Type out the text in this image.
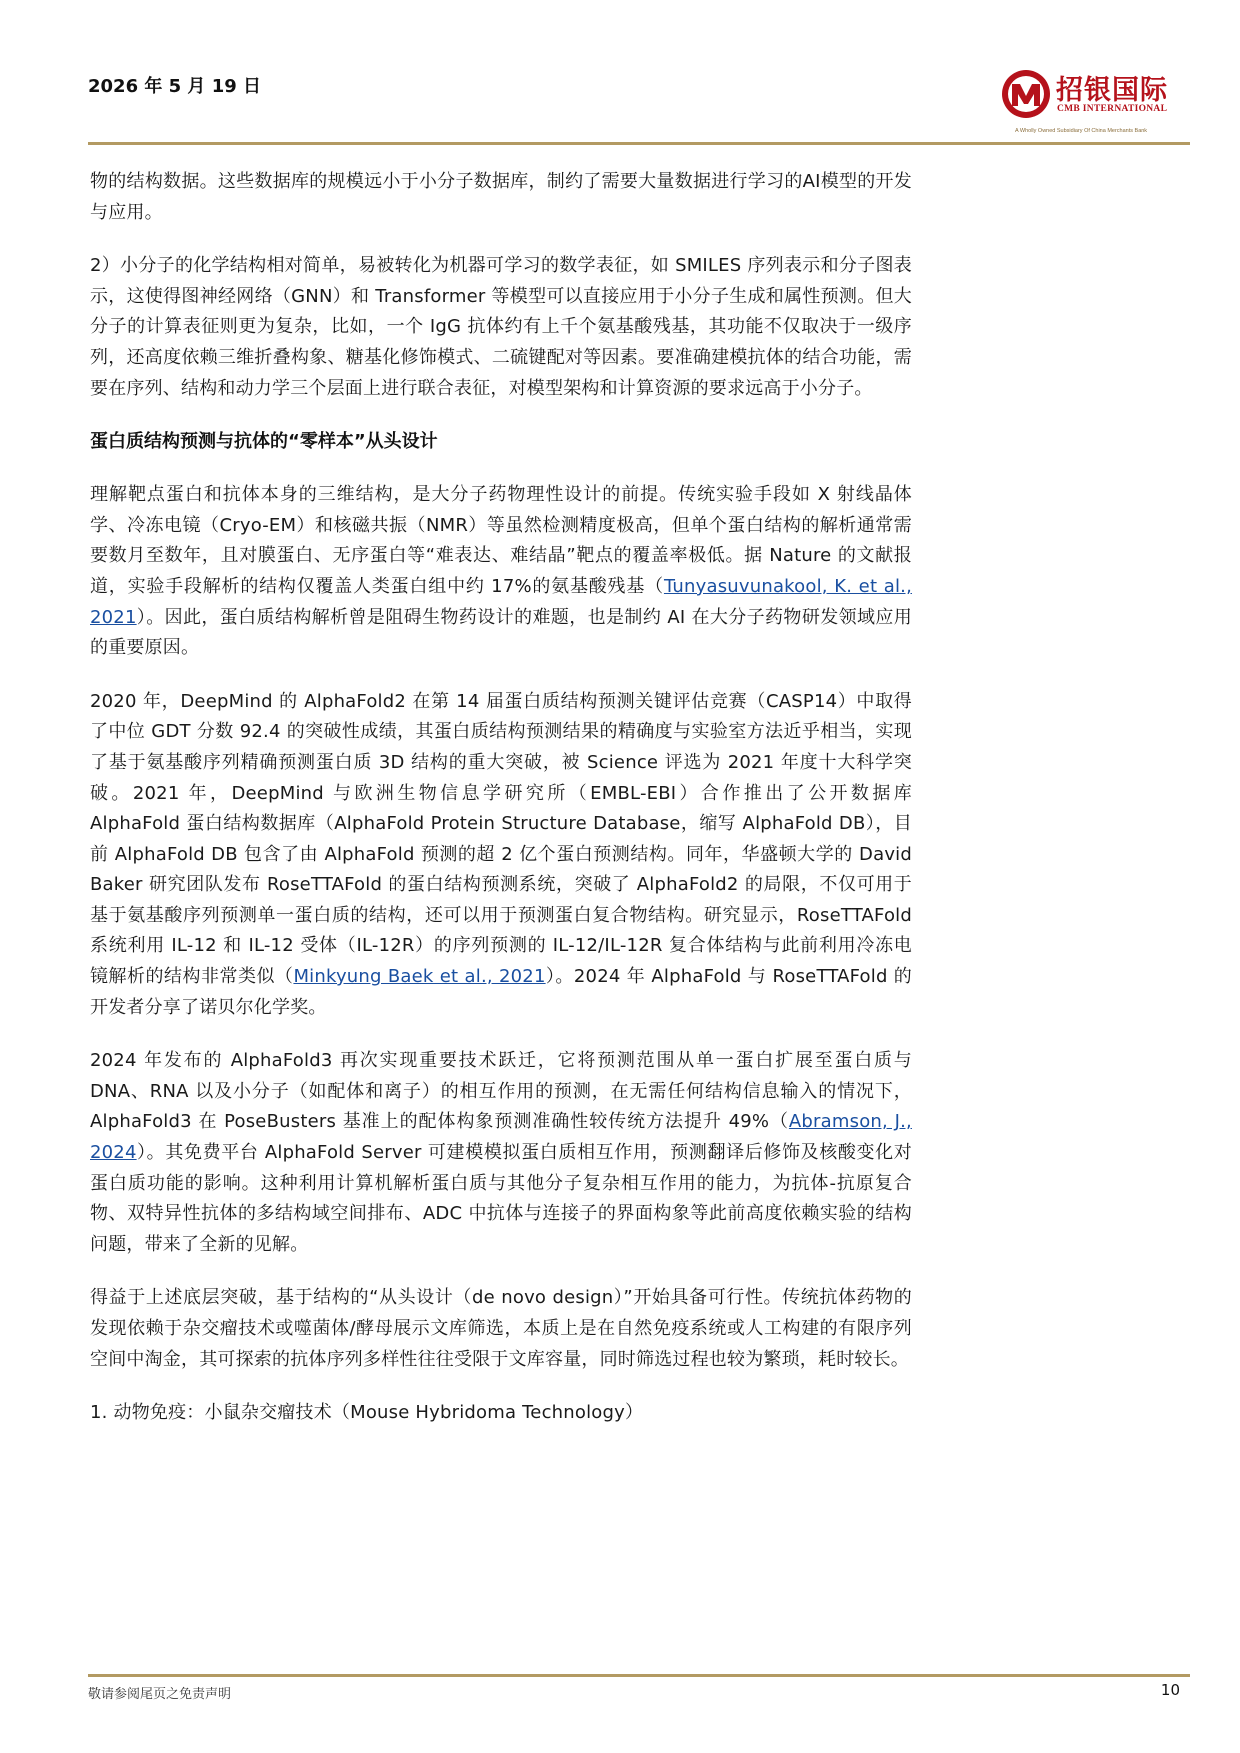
2026 年 5 月 19 日	招银国际
CMB INTERNATIONAL
A Wholly Owned Subsidiary Of China Merchants Bank

物的结构数据。这些数据库的规模远小于小分子数据库，制约了需要大量数据进行学习的AI模型的开发与应用。

2）小分子的化学结构相对简单，易被转化为机器可学习的数学表征，如 SMILES 序列表示和分子图表示，这使得图神经网络（GNN）和 Transformer 等模型可以直接应用于小分子生成和属性预测。但大分子的计算表征则更为复杂，比如，一个 IgG 抗体约有上千个氨基酸残基，其功能不仅取决于一级序列，还高度依赖三维折叠构象、糖基化修饰模式、二硫键配对等因素。要准确建模抗体的结合功能，需要在序列、结构和动力学三个层面上进行联合表征，对模型架构和计算资源的要求远高于小分子。

蛋白质结构预测与抗体的“零样本”从头设计

理解靶点蛋白和抗体本身的三维结构，是大分子药物理性设计的前提。传统实验手段如 X 射线晶体学、冷冻电镜（Cryo-EM）和核磁共振（NMR）等虽然检测精度极高，但单个蛋白结构的解析通常需要数月至数年，且对膜蛋白、无序蛋白等“难表达、难结晶”靶点的覆盖率极低。据 Nature 的文献报道，实验手段解析的结构仅覆盖人类蛋白组中约 17%的氨基酸残基（Tunyasuvunakool, K. et al., 2021）。因此，蛋白质结构解析曾是阻碍生物药设计的难题，也是制约 AI 在大分子药物研发领域应用的重要原因。

2020 年，DeepMind 的 AlphaFold2 在第 14 届蛋白质结构预测关键评估竞赛（CASP14）中取得了中位 GDT 分数 92.4 的突破性成绩，其蛋白质结构预测结果的精确度与实验室方法近乎相当，实现了基于氨基酸序列精确预测蛋白质 3D 结构的重大突破，被 Science 评选为 2021 年度十大科学突破。2021 年，DeepMind 与欧洲生物信息学研究所（EMBL-EBI）合作推出了公开数据库 AlphaFold 蛋白结构数据库（AlphaFold Protein Structure Database，缩写 AlphaFold DB），目前 AlphaFold DB 包含了由 AlphaFold 预测的超 2 亿个蛋白预测结构。同年，华盛顿大学的 David Baker 研究团队发布 RoseTTAFold 的蛋白结构预测系统，突破了 AlphaFold2 的局限，不仅可用于基于氨基酸序列预测单一蛋白质的结构，还可以用于预测蛋白复合物结构。研究显示，RoseTTAFold 系统利用 IL-12 和 IL-12 受体（IL-12R）的序列预测的 IL-12/IL-12R 复合体结构与此前利用冷冻电镜解析的结构非常类似（Minkyung Baek et al., 2021）。2024 年 AlphaFold 与 RoseTTAFold 的开发者分享了诺贝尔化学奖。

2024 年发布的 AlphaFold3 再次实现重要技术跃迁，它将预测范围从单一蛋白扩展至蛋白质与 DNA、RNA 以及小分子（如配体和离子）的相互作用的预测，在无需任何结构信息输入的情况下，AlphaFold3 在 PoseBusters 基准上的配体构象预测准确性较传统方法提升 49%（Abramson, J., 2024）。其免费平台 AlphaFold Server 可建模模拟蛋白质相互作用，预测翻译后修饰及核酸变化对蛋白质功能的影响。这种利用计算机解析蛋白质与其他分子复杂相互作用的能力，为抗体-抗原复合物、双特异性抗体的多结构域空间排布、ADC 中抗体与连接子的界面构象等此前高度依赖实验的结构问题，带来了全新的见解。

得益于上述底层突破，基于结构的“从头设计（de novo design）”开始具备可行性。传统抗体药物的发现依赖于杂交瘤技术或噬菌体/酵母展示文库筛选，本质上是在自然免疫系统或人工构建的有限序列空间中淘金，其可探索的抗体序列多样性往往受限于文库容量，同时筛选过程也较为繁琐，耗时较长。

1. 动物免疫：小鼠杂交瘤技术（Mouse Hybridoma Technology）

敬请参阅尾页之免责声明	10
